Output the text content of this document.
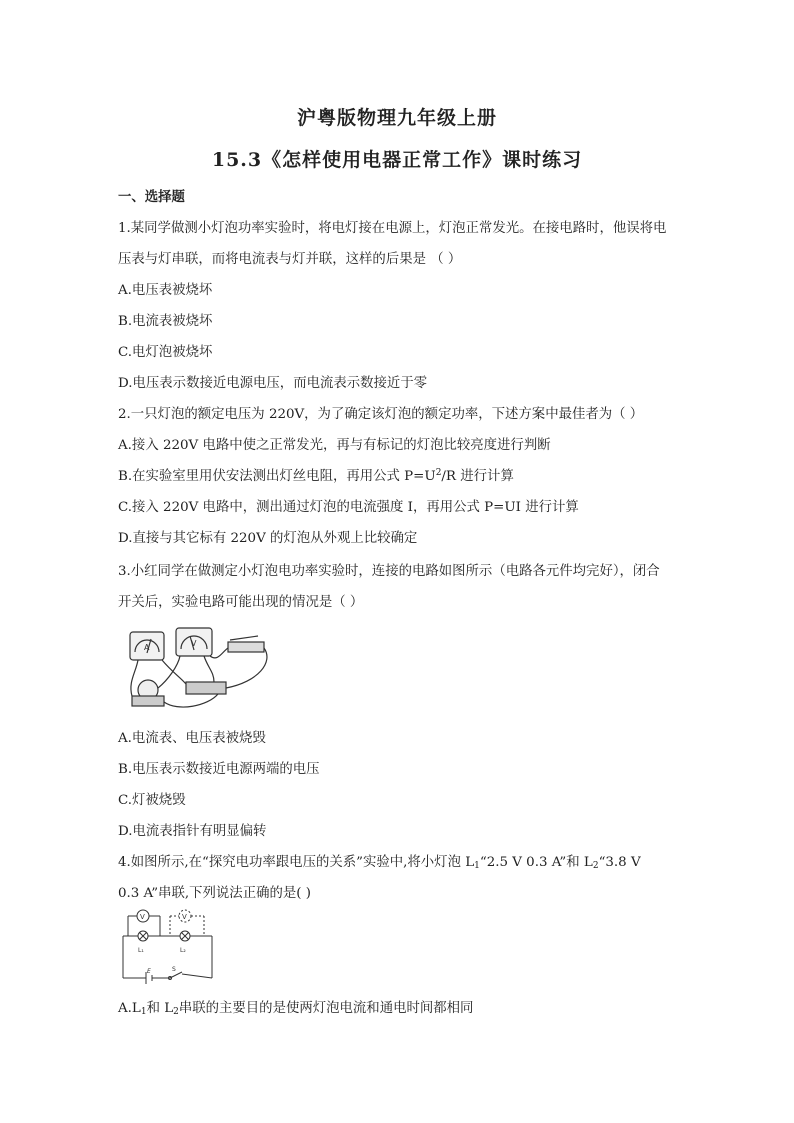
沪粤版物理九年级上册
15.3《怎样使用电器正常工作》课时练习
一、选择题
1.某同学做测小灯泡功率实验时，将电灯接在电源上，灯泡正常发光。在接电路时，他误将电
压表与灯串联，而将电流表与灯并联，这样的后果是 （ ）
A.电压表被烧坏
B.电流表被烧坏
C.电灯泡被烧坏
D.电压表示数接近电源电压，而电流表示数接近于零
2.一只灯泡的额定电压为 220V，为了确定该灯泡的额定功率，下述方案中最佳者为（ ）
A.接入 220V 电路中使之正常发光，再与有标记的灯泡比较亮度进行判断
B.在实验室里用伏安法测出灯丝电阻，再用公式 $P=U^2/R$ 进行计算
C.接入 220V 电路中，测出通过灯泡的电流强度 I，再用公式 P=UI 进行计算
D.直接与其它标有 220V 的灯泡从外观上比较确定
3.小红同学在做测定小灯泡电功率实验时，连接的电路如图所示（电路各元件均完好），闭合
开关后，实验电路可能出现的情况是（ ）
A	V
A.电流表、电压表被烧毁
B.电压表示数接近电源两端的电压
C.灯被烧毁
D.电流表指针有明显偏转
4.如图所示,在“探究电功率跟电压的关系”实验中,将小灯泡 $L_1“2.5$ V 0.3 A”和 $L_2“3.8$ V
0.3 A”串联,下列说法正确的是( )
V	V
L₁	L₂
E	S
$A.L_1$和 $L_2$串联的主要目的是使两灯泡电流和通电时间都相同
